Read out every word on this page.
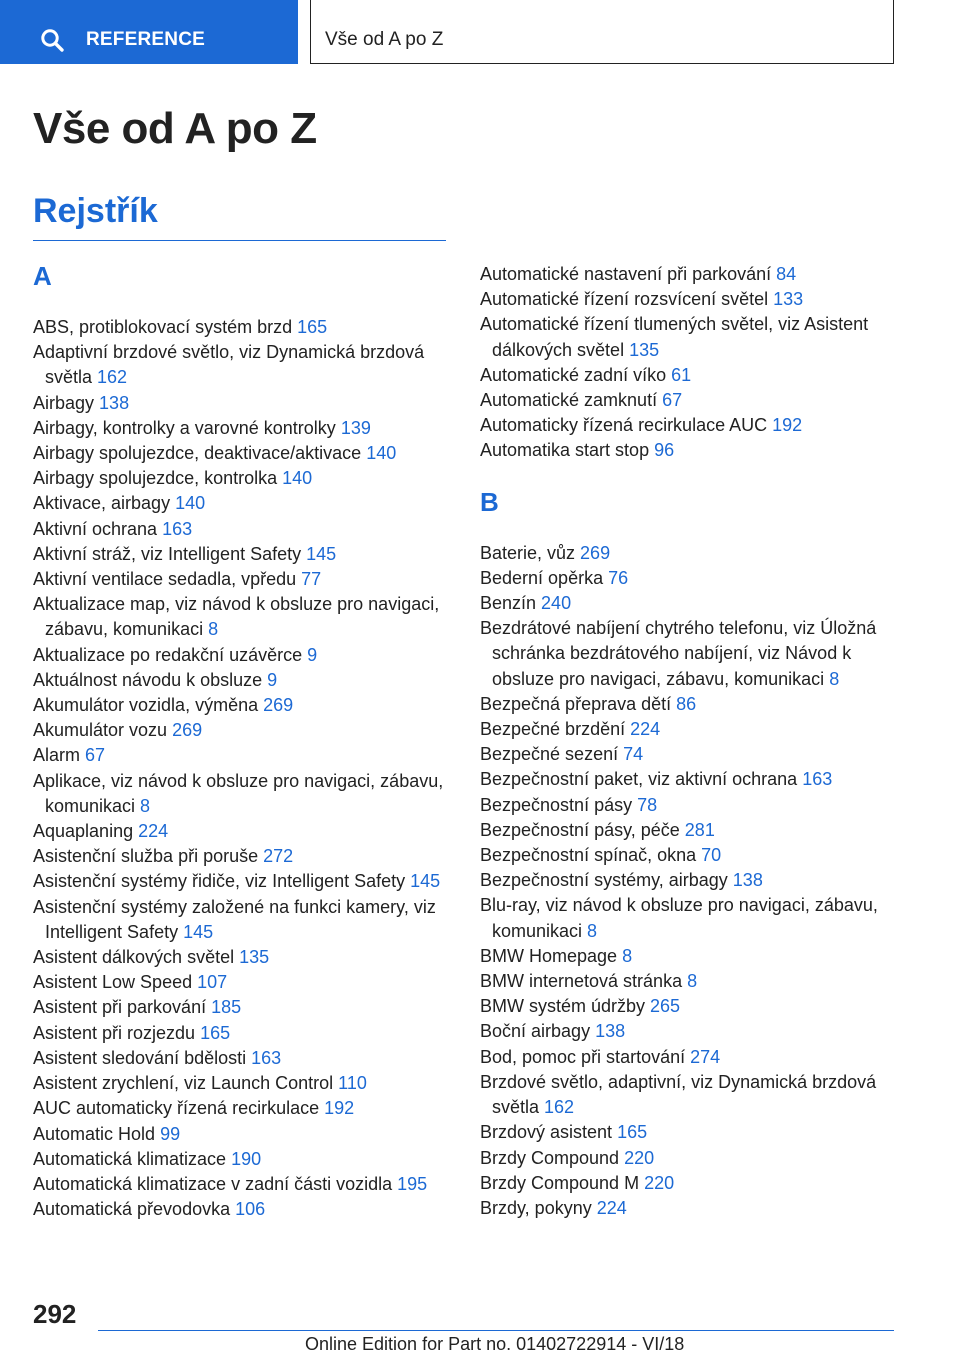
REFERENCE	Vše od A po Z
Vše od A po Z
Rejstřík
A
ABS, protiblokovací systém brzd 165
Adaptivní brzdové světlo, viz Dynamická brzdová světla 162
Airbagy 138
Airbagy, kontrolky a varovné kontrolky 139
Airbagy spolujezdce, deaktivace/aktivace 140
Airbagy spolujezdce, kontrolka 140
Aktivace, airbagy 140
Aktivní ochrana 163
Aktivní stráž, viz Intelligent Safety 145
Aktivní ventilace sedadla, vpředu 77
Aktualizace map, viz návod k obsluze pro navigaci, zábavu, komunikaci 8
Aktualizace po redakční uzávěrce 9
Aktuálnost návodu k obsluze 9
Akumulátor vozidla, výměna 269
Akumulátor vozu 269
Alarm 67
Aplikace, viz návod k obsluze pro navigaci, zábavu, komunikaci 8
Aquaplaning 224
Asistenční služba při poruše 272
Asistenční systémy řidiče, viz Intelligent Safety 145
Asistenční systémy založené na funkci kamery, viz Intelligent Safety 145
Asistent dálkových světel 135
Asistent Low Speed 107
Asistent při parkování 185
Asistent při rozjezdu 165
Asistent sledování bdělosti 163
Asistent zrychlení, viz Launch Control 110
AUC automaticky řízená recirkulace 192
Automatic Hold 99
Automatická klimatizace 190
Automatická klimatizace v zadní části vozidla 195
Automatická převodovka 106
Automatické nastavení při parkování 84
Automatické řízení rozsvícení světel 133
Automatické řízení tlumených světel, viz Asistent dálkových světel 135
Automatické zadní víko 61
Automatické zamknutí 67
Automaticky řízená recirkulace AUC 192
Automatika start stop 96
B
Baterie, vůz 269
Bederní opěrka 76
Benzín 240
Bezdrátové nabíjení chytrého telefonu, viz Úložná schránka bezdrátového nabíjení, viz Návod k obsluze pro navigaci, zábavu, komunikaci 8
Bezpečná přeprava dětí 86
Bezpečné brzdění 224
Bezpečné sezení 74
Bezpečnostní paket, viz aktivní ochrana 163
Bezpečnostní pásy 78
Bezpečnostní pásy, péče 281
Bezpečnostní spínač, okna 70
Bezpečnostní systémy, airbagy 138
Blu-ray, viz návod k obsluze pro navigaci, zábavu, komunikaci 8
BMW Homepage 8
BMW internetová stránka 8
BMW systém údržby 265
Boční airbagy 138
Bod, pomoc při startování 274
Brzdové světlo, adaptivní, viz Dynamická brzdová světla 162
Brzdový asistent 165
Brzdy Compound 220
Brzdy Compound M 220
Brzdy, pokyny 224
292
Online Edition for Part no. 01402722914 - VI/18
